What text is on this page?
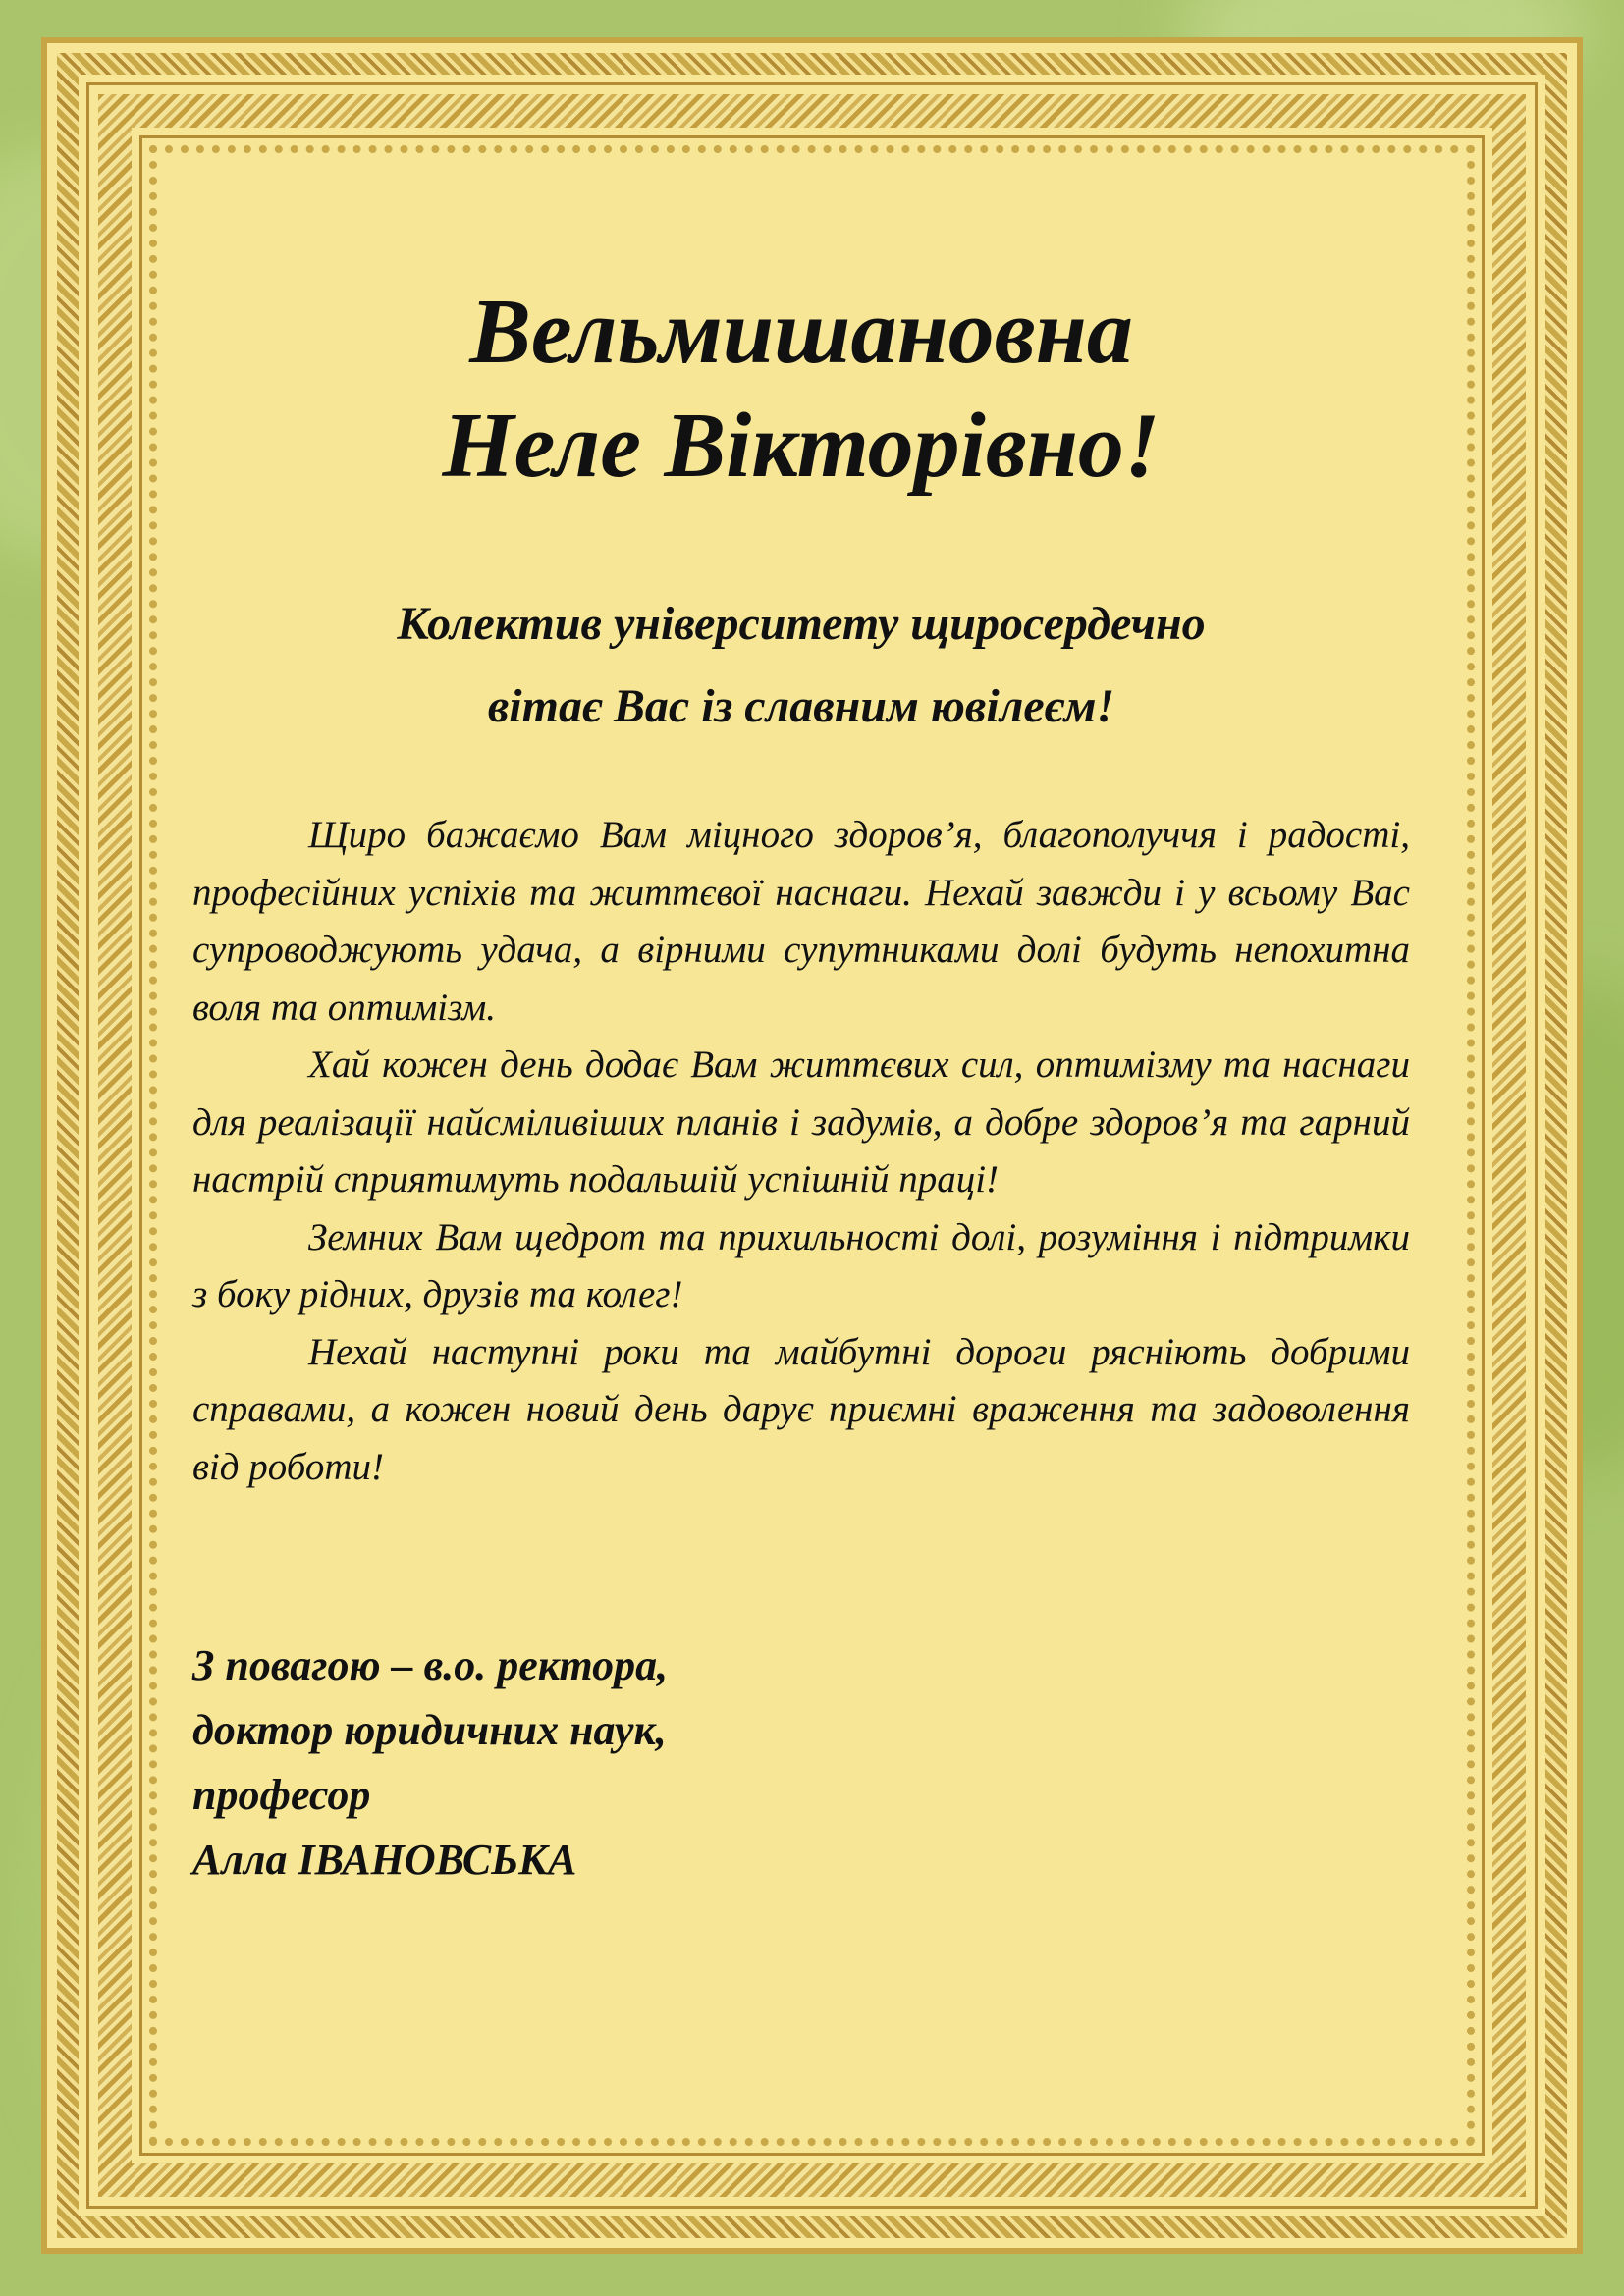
Вельмишановна
Неле Вікторівно!
Колектив університету щиросердечно
вітає Вас із славним ювілеєм!

Щиро бажаємо Вам міцного здоров’я, благополуччя і радості, професійних успіхів та життєвої наснаги. Нехай завжди і у всьому Вас супроводжують удача, а вірними супутниками долі будуть непохитна воля та оптимізм.

Хай кожен день додає Вам життєвих сил, оптимізму та наснаги для реалізації найсміливіших планів і задумів, а добре здоров’я та гарний настрій сприятимуть подальшій успішній праці!

Земних Вам щедрот та прихильності долі, розуміння і підтримки з боку рідних, друзів та колег!

Нехай наступні роки та майбутні дороги рясніють добрими справами, а кожен новий день дарує приємні враження та задоволення від роботи!

З повагою – в.о. ректора,
доктор юридичних наук,
професор
Алла ІВАНОВСЬКА
